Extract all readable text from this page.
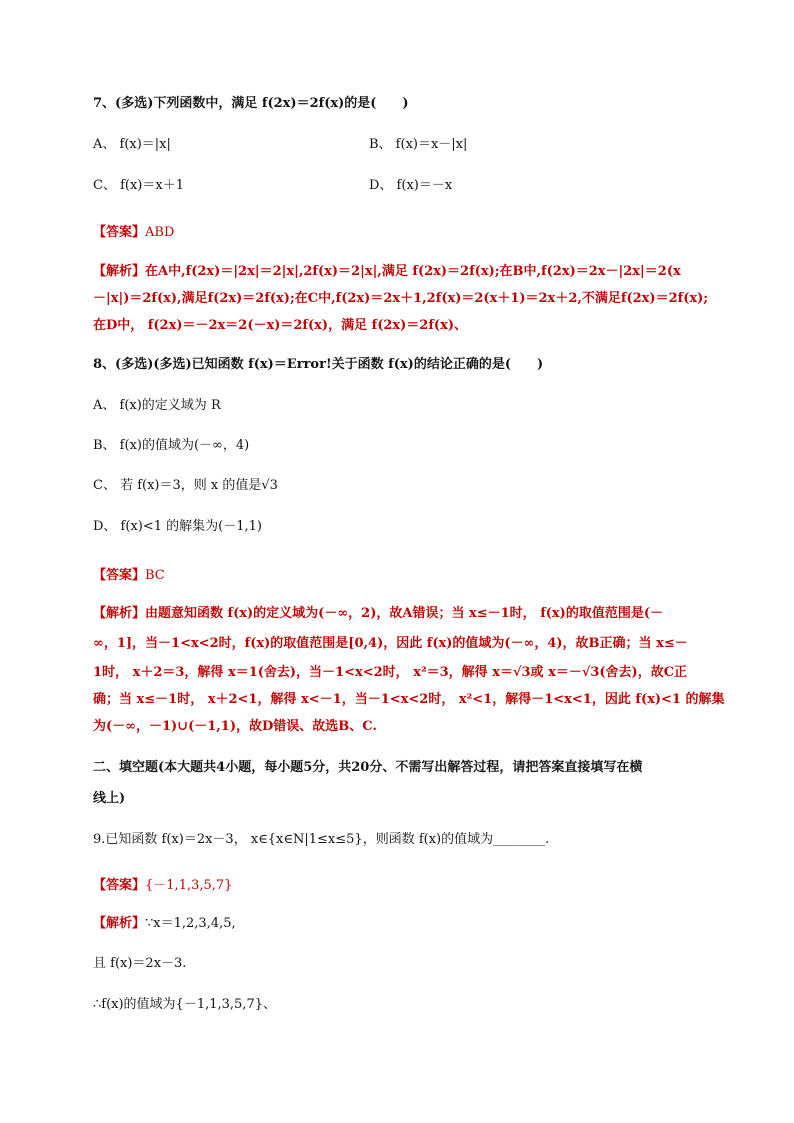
7、(多选)下列函数中，满足 f(2x)＝2f(x)的是(　　)
A、 f(x)＝|x|	B、 f(x)＝x－|x|
C、 f(x)＝x＋1	D、 f(x)＝－x
【答案】ABD
【解析】在A中,f(2x)＝|2x|＝2|x|,2f(x)＝2|x|,满足 f(2x)＝2f(x);在B中,f(2x)＝2x－|2x|＝2(x
－|x|)＝2f(x),满足f(2x)＝2f(x);在C中,f(2x)＝2x＋1,2f(x)＝2(x＋1)＝2x＋2,不满足f(2x)＝2f(x);
在D中， f(2x)＝－2x＝2(－x)＝2f(x)，满足 f(2x)＝2f(x)、
8、(多选)(多选)已知函数 f(x)＝Error!关于函数 f(x)的结论正确的是(　　)
A、 f(x)的定义域为 R
B、 f(x)的值域为(－∞，4)
C、 若 f(x)＝3，则 x 的值是√3
D、 f(x)<1 的解集为(－1,1)
【答案】BC
【解析】由题意知函数 f(x)的定义域为(－∞，2)，故A错误；当 x≤－1时， f(x)的取值范围是(－
∞，1]，当－1<x<2时，f(x)的取值范围是[0,4)，因此 f(x)的值域为(－∞，4)，故B正确；当 x≤－
1时， x＋2＝3，解得 x＝1(舍去)，当－1<x<2时， x²＝3，解得 x＝√3或 x＝－√3(舍去)，故C正
确；当 x≤－1时， x＋2<1，解得 x<－1，当－1<x<2时， x²<1，解得－1<x<1，因此 f(x)<1 的解集
为(－∞，－1)∪(－1,1)，故D错误、故选B、C.
二、填空题(本大题共4小题，每小题5分，共20分、不需写出解答过程，请把答案直接填写在横
线上)
9.已知函数 f(x)＝2x－3， x∈{x∈N|1≤x≤5}，则函数 f(x)的值域为________.
【答案】{－1,1,3,5,7}
【解析】∵x＝1,2,3,4,5,
且 f(x)＝2x－3.
∴f(x)的值域为{－1,1,3,5,7}、
